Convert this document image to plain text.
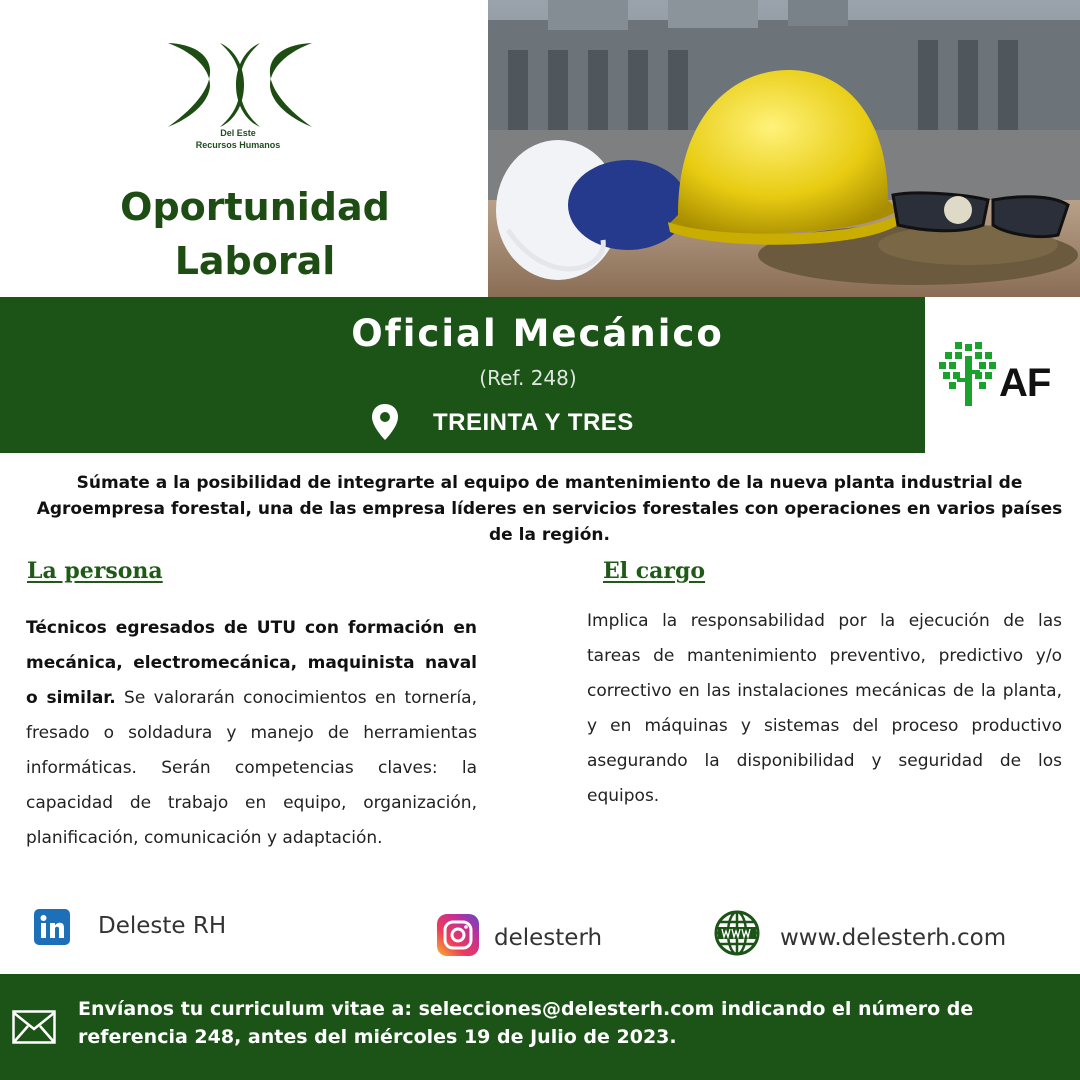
Del Este
Recursos Humanos
Oportunidad
Laboral
Oficial Mecánico
(Ref. 248)
TREINTA Y TRES
AF
Súmate a la posibilidad de integrarte al equipo de mantenimiento de la nueva planta industrial de Agroempresa forestal, una de las empresa líderes en servicios forestales con operaciones en varios países de la región.
La persona	El cargo
Técnicos egresados de UTU con formación en mecánica, electromecánica, maquinista naval o similar. Se valorarán conocimientos en tornería, fresado o soldadura y manejo de herramientas informáticas. Serán competencias claves: la capacidad de trabajo en equipo, organización, planificación, comunicación y adaptación.
Implica la responsabilidad por la ejecución de las tareas de mantenimiento preventivo, predictivo y/o correctivo en las instalaciones mecánicas de la planta, y en máquinas y sistemas del proceso productivo asegurando la disponibilidad y seguridad de los equipos.
Deleste RH	delesterh	www.delesterh.com
Envíanos tu curriculum vitae a: selecciones@delesterh.com indicando el número de referencia 248, antes del miércoles 19 de Julio de 2023.
